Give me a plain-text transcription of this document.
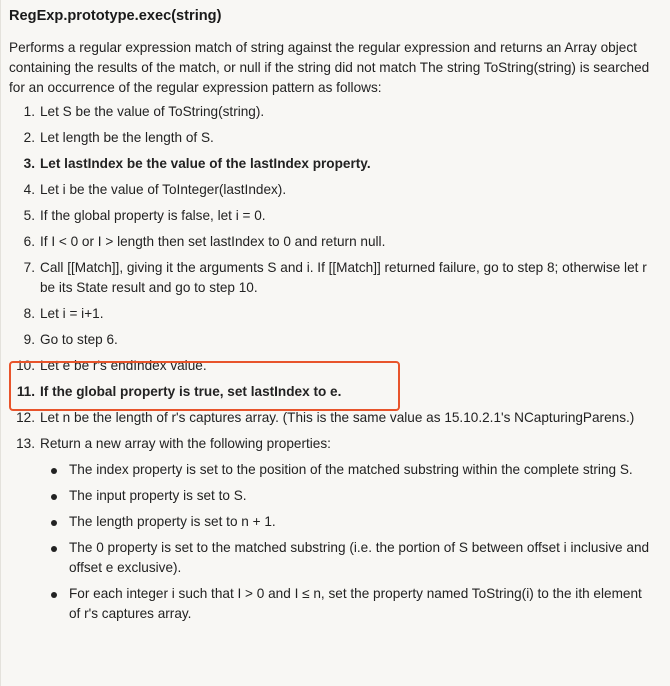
RegExp.prototype.exec(string)
Performs a regular expression match of string against the regular expression and returns an Array object containing the results of the match, or null if the string did not match The string ToString(string) is searched for an occurrence of the regular expression pattern as follows:
1. Let S be the value of ToString(string).
2. Let length be the length of S.
3. Let lastIndex be the value of the lastIndex property.
4. Let i be the value of ToInteger(lastIndex).
5. If the global property is false, let i = 0.
6. If I < 0 or I > length then set lastIndex to 0 and return null.
7. Call [[Match]], giving it the arguments S and i. If [[Match]] returned failure, go to step 8; otherwise let r be its State result and go to step 10.
8. Let i = i+1.
9. Go to step 6.
10. Let e be r's endIndex value.
11. If the global property is true, set lastIndex to e.
12. Let n be the length of r's captures array. (This is the same value as 15.10.2.1's NCapturingParens.)
13. Return a new array with the following properties:
The index property is set to the position of the matched substring within the complete string S.
The input property is set to S.
The length property is set to n + 1.
The 0 property is set to the matched substring (i.e. the portion of S between offset i inclusive and offset e exclusive).
For each integer i such that I > 0 and I ≤ n, set the property named ToString(i) to the ith element of r's captures array.
